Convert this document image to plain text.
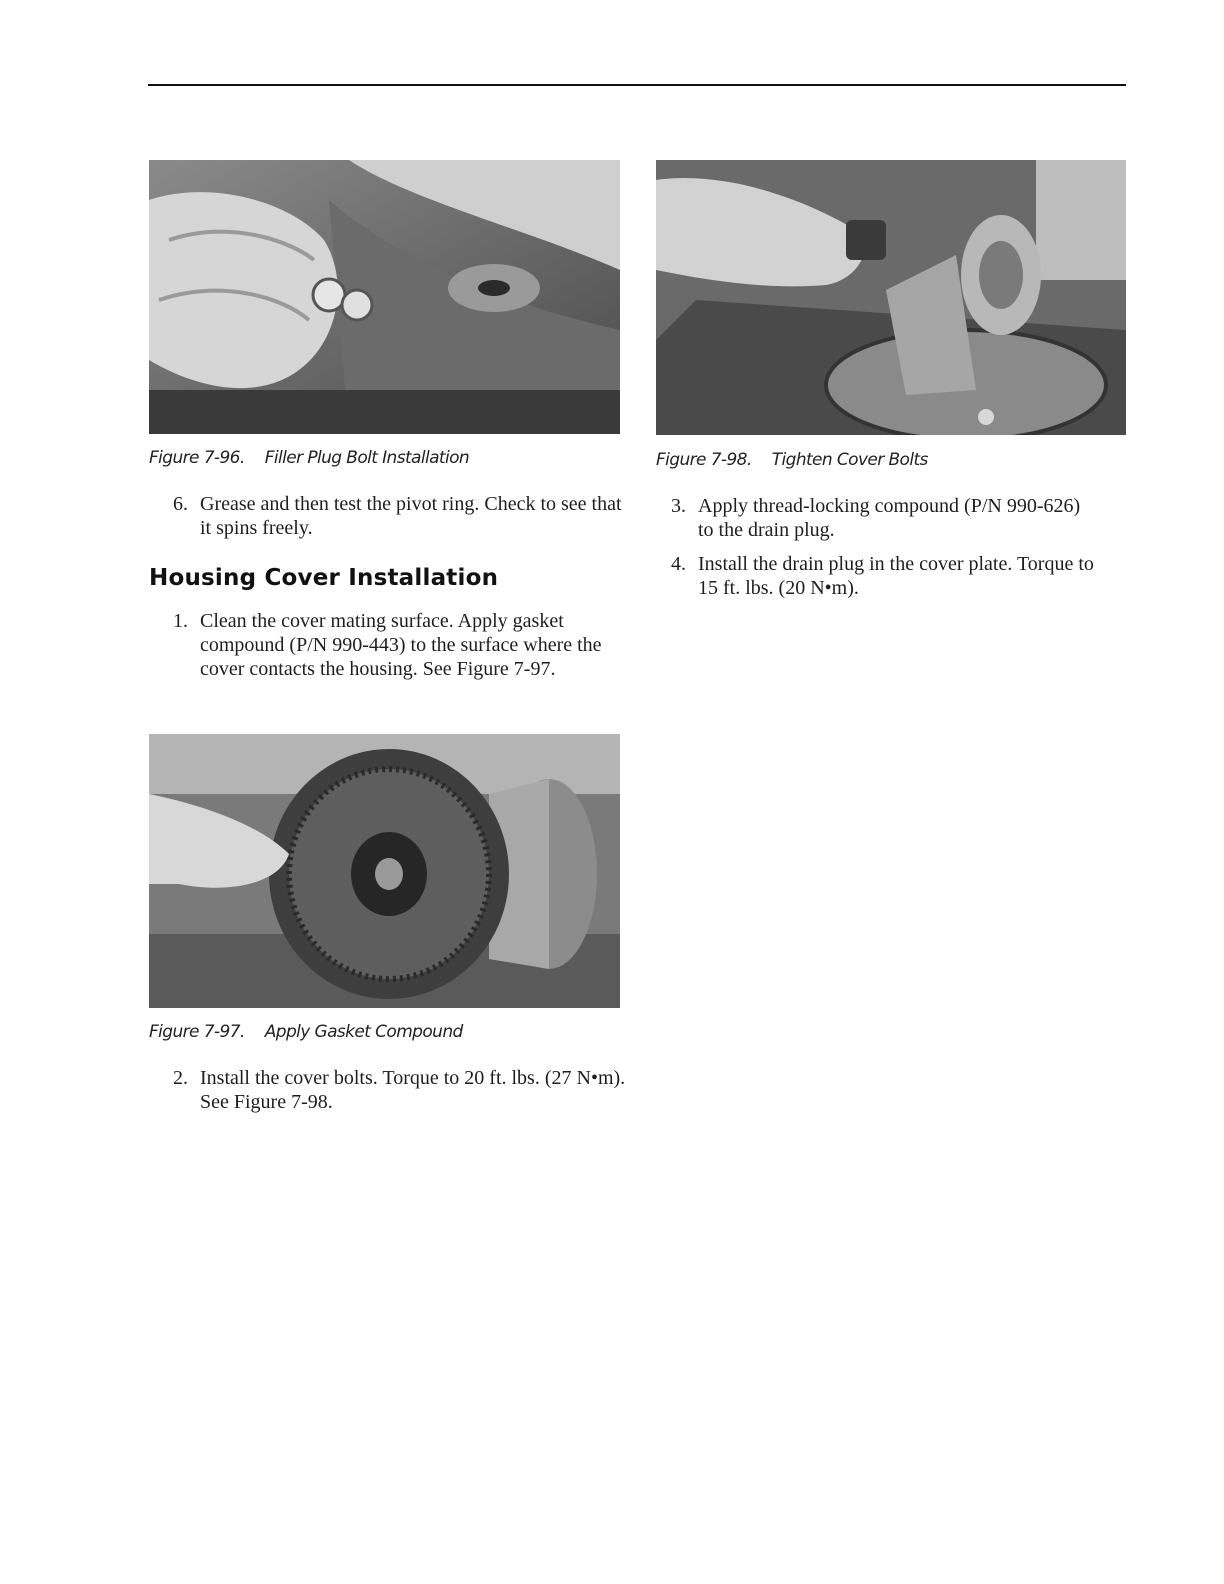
Figure 7-96. Filler Plug Bolt Installation
6. Grease and then test the pivot ring. Check to see that it spins freely.
Housing Cover Installation
1. Clean the cover mating surface. Apply gasket compound (P/N 990-443) to the surface where the cover contacts the housing. See Figure 7-97.
Figure 7-97. Apply Gasket Compound
2. Install the cover bolts. Torque to 20 ft. lbs. (27 N•m). See Figure 7-98.
Figure 7-98. Tighten Cover Bolts
3. Apply thread-locking compound (P/N 990-626) to the drain plug.
4. Install the drain plug in the cover plate. Torque to 15 ft. lbs. (20 N•m).
